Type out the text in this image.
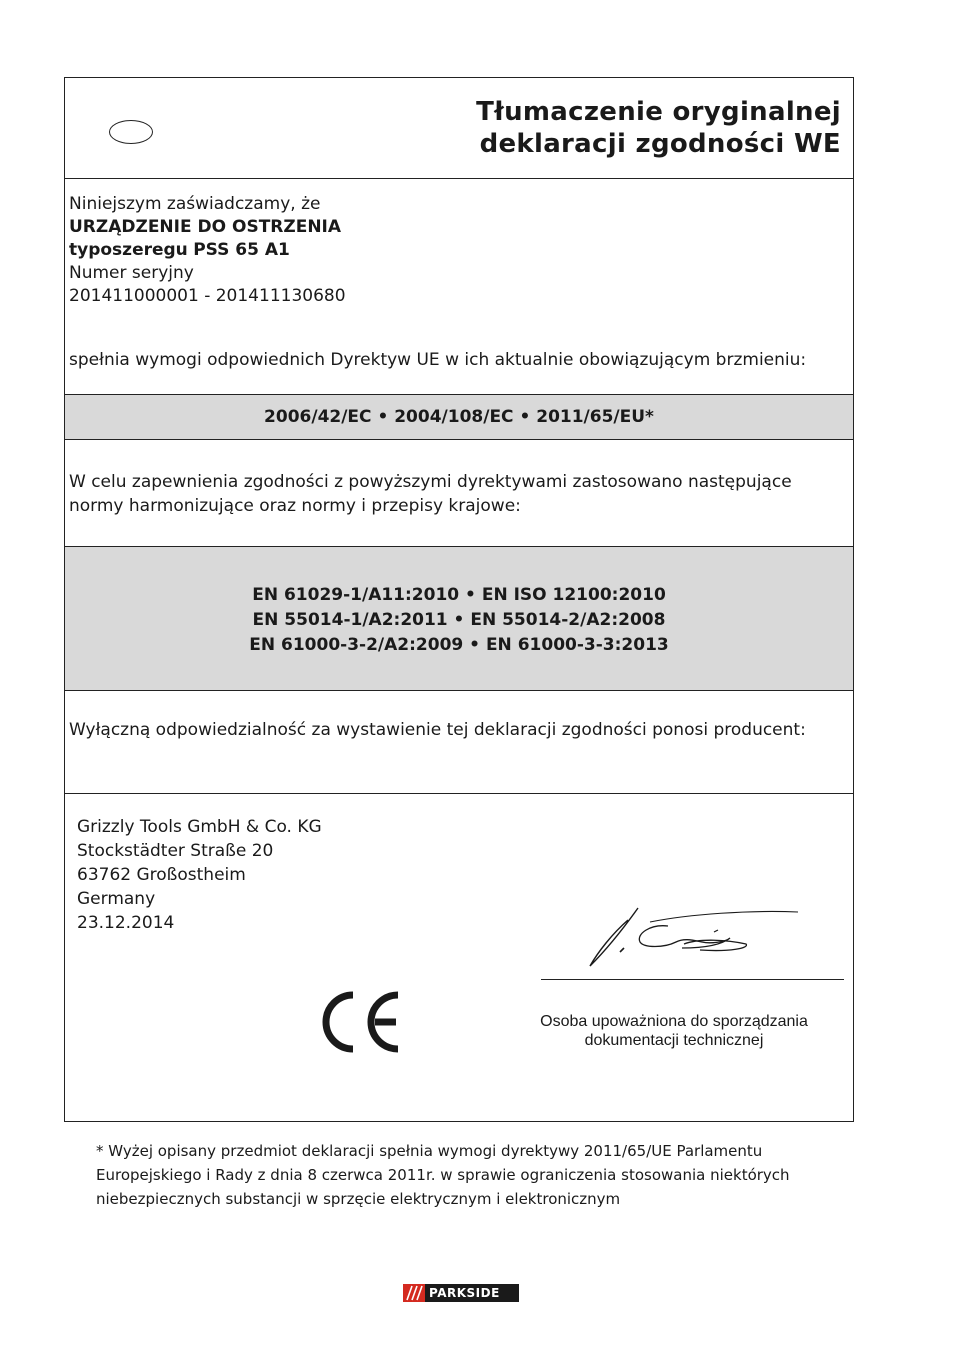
Tłumaczenie oryginalnej
deklaracji zgodności WE
Niniejszym zaświadczamy, że
URZĄDZENIE DO OSTRZENIA
typoszeregu PSS 65 A1
Numer seryjny
201411000001 - 201411130680
spełnia wymogi odpowiednich Dyrektyw UE w ich aktualnie obowiązującym brzmieniu:
2006/42/EC • 2004/108/EC • 2011/65/EU*
W celu zapewnienia zgodności z powyższymi dyrektywami zastosowano następujące normy harmonizujące oraz normy i przepisy krajowe:
EN 61029-1/A11:2010 • EN ISO 12100:2010
EN 55014-1/A2:2011 • EN 55014-2/A2:2008
EN 61000-3-2/A2:2009 • EN 61000-3-3:2013
Wyłączną odpowiedzialność za wystawienie tej deklaracji zgodności ponosi producent:
Grizzly Tools GmbH & Co. KG
Stockstädter Straße 20
63762 Großostheim
Germany
23.12.2014
Osoba upoważniona do sporządzania
dokumentacji technicznej
* Wyżej opisany przedmiot deklaracji spełnia wymogi dyrektywy 2011/65/UE Parlamentu Europejskiego i Rady z dnia 8 czerwca 2011r. w sprawie ograniczenia stosowania niektórych niebezpiecznych substancji w sprzęcie elektrycznym i elektronicznym
PARKSIDE
